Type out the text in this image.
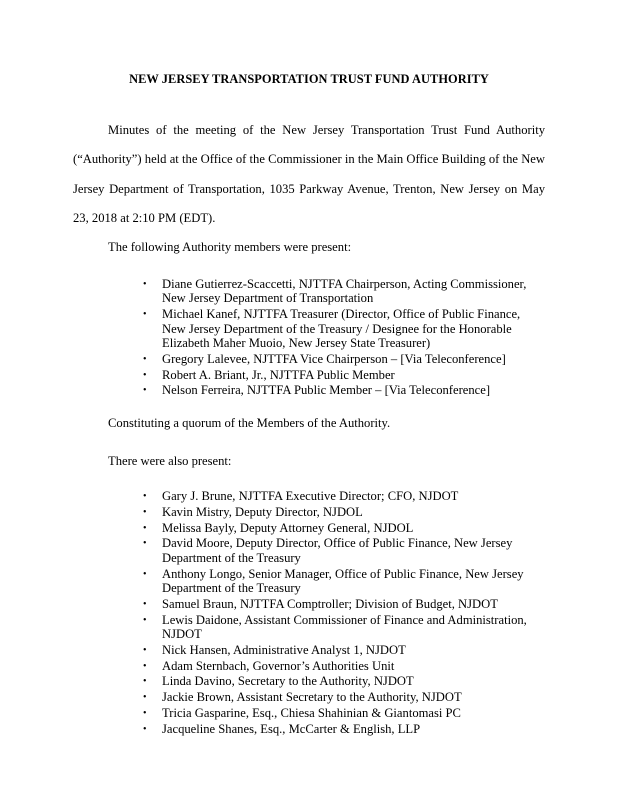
NEW JERSEY TRANSPORTATION TRUST FUND AUTHORITY

Minutes of the meeting of the New Jersey Transportation Trust Fund Authority (“Authority”) held at the Office of the Commissioner in the Main Office Building of the New Jersey Department of Transportation, 1035 Parkway Avenue, Trenton, New Jersey on May 23, 2018 at 2:10 PM (EDT).

The following Authority members were present:

• Diane Gutierrez-Scaccetti, NJTTFA Chairperson, Acting Commissioner, New Jersey Department of Transportation
• Michael Kanef, NJTTFA Treasurer (Director, Office of Public Finance, New Jersey Department of the Treasury / Designee for the Honorable Elizabeth Maher Muoio, New Jersey State Treasurer)
• Gregory Lalevee, NJTTFA Vice Chairperson – [Via Teleconference]
• Robert A. Briant, Jr., NJTTFA Public Member
• Nelson Ferreira, NJTTFA Public Member – [Via Teleconference]

Constituting a quorum of the Members of the Authority.

There were also present:

• Gary J. Brune, NJTTFA Executive Director; CFO, NJDOT
• Kavin Mistry, Deputy Director, NJDOL
• Melissa Bayly, Deputy Attorney General, NJDOL
• David Moore, Deputy Director, Office of Public Finance, New Jersey Department of the Treasury
• Anthony Longo, Senior Manager, Office of Public Finance, New Jersey Department of the Treasury
• Samuel Braun, NJTTFA Comptroller; Division of Budget, NJDOT
• Lewis Daidone, Assistant Commissioner of Finance and Administration, NJDOT
• Nick Hansen, Administrative Analyst 1, NJDOT
• Adam Sternbach, Governor’s Authorities Unit
• Linda Davino, Secretary to the Authority, NJDOT
• Jackie Brown, Assistant Secretary to the Authority, NJDOT
• Tricia Gasparine, Esq., Chiesa Shahinian & Giantomasi PC
• Jacqueline Shanes, Esq., McCarter & English, LLP
